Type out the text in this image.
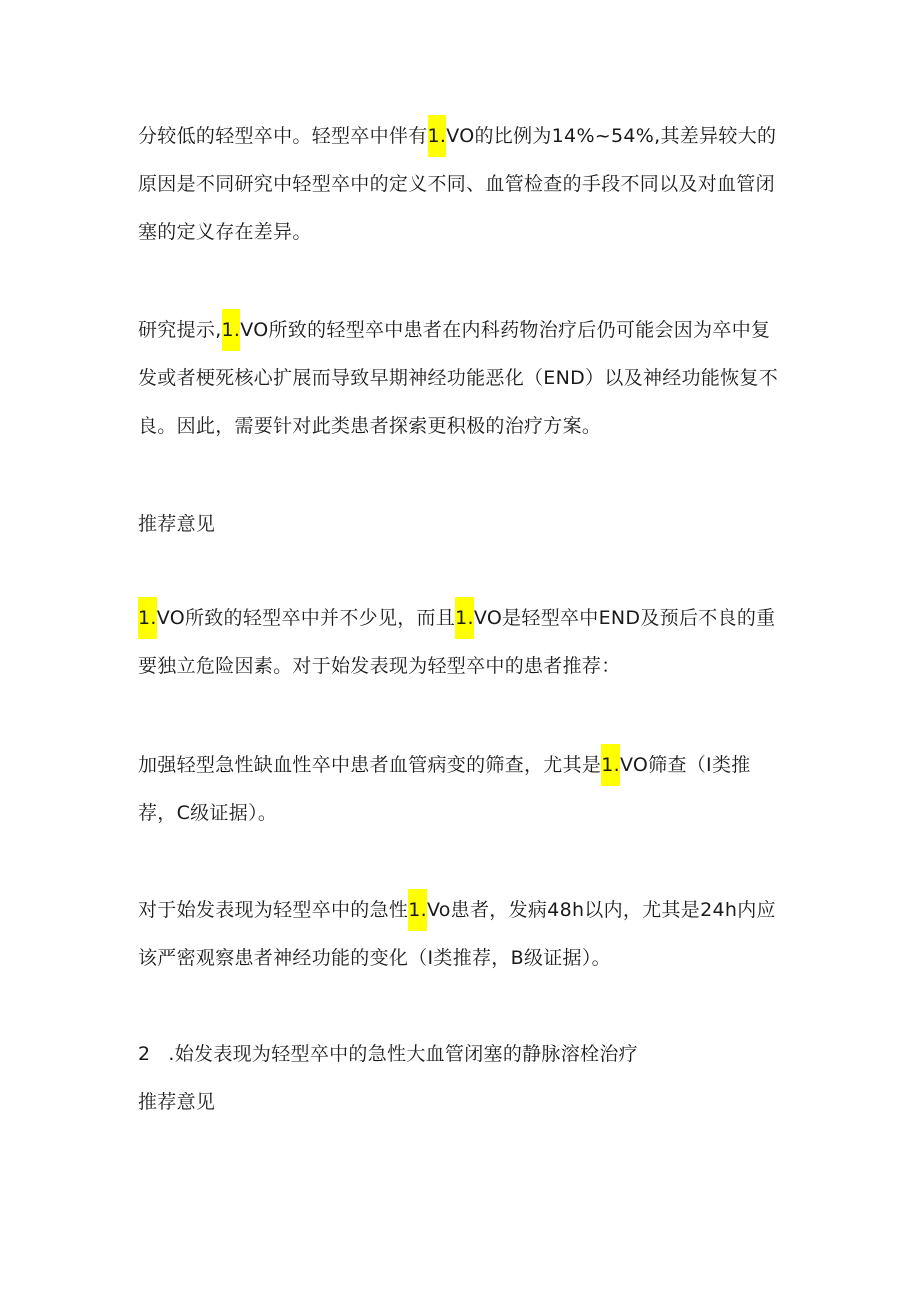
分较低的轻型卒中。轻型卒中伴有1.VO的比例为14%~54%,其差异较大的原因是不同研究中轻型卒中的定义不同、血管检查的手段不同以及对血管闭塞的定义存在差异。

研究提示,1.VO所致的轻型卒中患者在内科药物治疗后仍可能会因为卒中复发或者梗死核心扩展而导致早期神经功能恶化（END）以及神经功能恢复不良。因此，需要针对此类患者探索更积极的治疗方案。

推荐意见

1.VO所致的轻型卒中并不少见，而且1.VO是轻型卒中END及预后不良的重要独立危险因素。对于始发表现为轻型卒中的患者推荐：

加强轻型急性缺血性卒中患者血管病变的筛查，尤其是1.VO筛查（I类推荐，C级证据）。

对于始发表现为轻型卒中的急性1.Vo患者，发病48h以内，尤其是24h内应该严密观察患者神经功能的变化（I类推荐，B级证据）。

2 .始发表现为轻型卒中的急性大血管闭塞的静脉溶栓治疗

推荐意见
